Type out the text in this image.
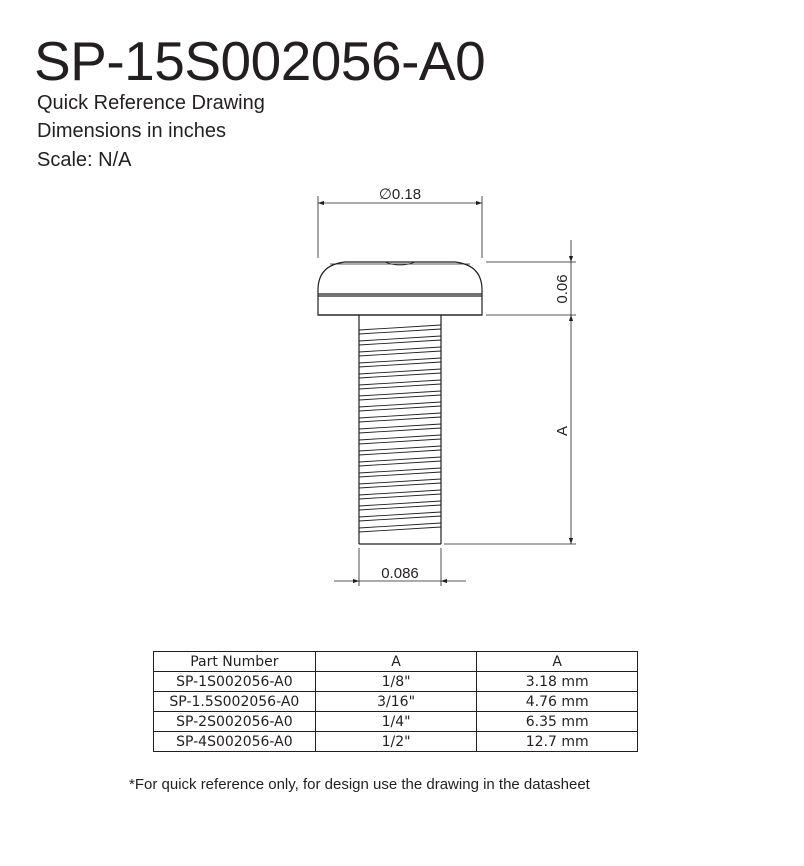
SP-15S002056-A0
Quick Reference Drawing
Dimensions in inches
Scale: N/A
∅0.18
0.06
A
0.086
Part Number	A	A
SP-1S002056-A0	1/8"	3.18 mm
SP-1.5S002056-A0	3/16"	4.76 mm
SP-2S002056-A0	1/4"	6.35 mm
SP-4S002056-A0	1/2"	12.7 mm
*For quick reference only, for design use the drawing in the datasheet
